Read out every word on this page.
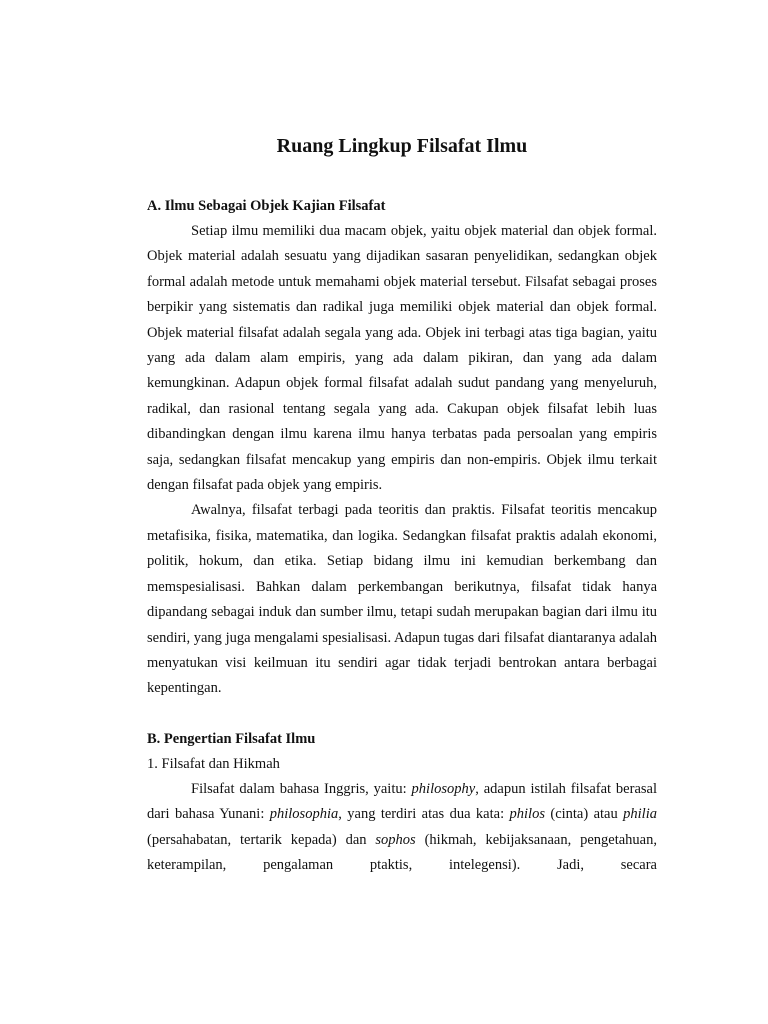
Ruang Lingkup Filsafat Ilmu

A. Ilmu Sebagai Objek Kajian Filsafat

Setiap ilmu memiliki dua macam objek, yaitu objek material dan objek formal. Objek material adalah sesuatu yang dijadikan sasaran penyelidikan, sedangkan objek formal adalah metode untuk memahami objek material tersebut. Filsafat sebagai proses berpikir yang sistematis dan radikal juga memiliki objek material dan objek formal. Objek material filsafat adalah segala yang ada. Objek ini terbagi atas tiga bagian, yaitu yang ada dalam alam empiris, yang ada dalam pikiran, dan yang ada dalam kemungkinan. Adapun objek formal filsafat adalah sudut pandang yang menyeluruh, radikal, dan rasional tentang segala yang ada. Cakupan objek filsafat lebih luas dibandingkan dengan ilmu karena ilmu hanya terbatas pada persoalan yang empiris saja, sedangkan filsafat mencakup yang empiris dan non-empiris. Objek ilmu terkait dengan filsafat pada objek yang empiris.

Awalnya, filsafat terbagi pada teoritis dan praktis. Filsafat teoritis mencakup metafisika, fisika, matematika, dan logika. Sedangkan filsafat praktis adalah ekonomi, politik, hokum, dan etika. Setiap bidang ilmu ini kemudian berkembang dan memspesialisasi. Bahkan dalam perkembangan berikutnya, filsafat tidak hanya dipandang sebagai induk dan sumber ilmu, tetapi sudah merupakan bagian dari ilmu itu sendiri, yang juga mengalami spesialisasi. Adapun tugas dari filsafat diantaranya adalah menyatukan visi keilmuan itu sendiri agar tidak terjadi bentrokan antara berbagai kepentingan.

B. Pengertian Filsafat Ilmu

1. Filsafat dan Hikmah

Filsafat dalam bahasa Inggris, yaitu: philosophy, adapun istilah filsafat berasal dari bahasa Yunani: philosophia, yang terdiri atas dua kata: philos (cinta) atau philia (persahabatan, tertarik kepada) dan sophos (hikmah, kebijaksanaan, pengetahuan, keterampilan, pengalaman ptaktis, intelegensi). Jadi, secara
